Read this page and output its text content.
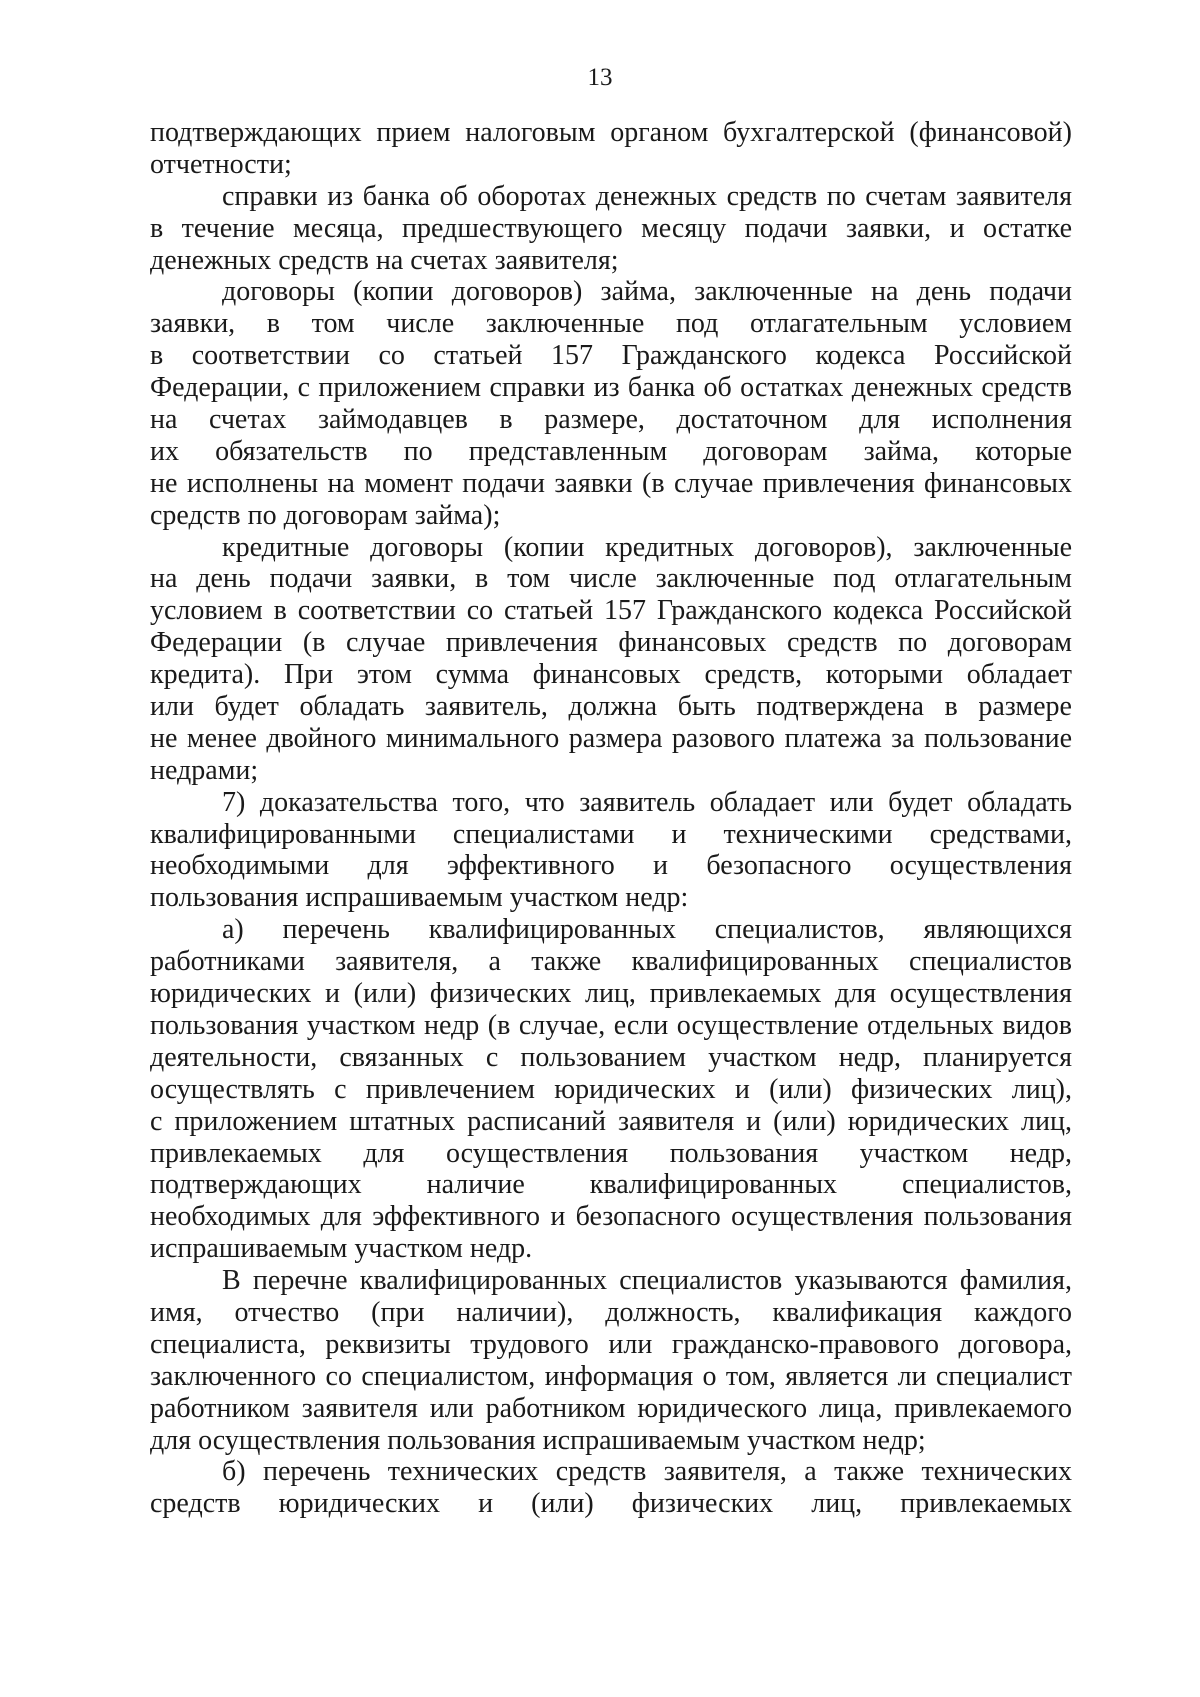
13
подтверждающих прием налоговым органом бухгалтерской (финансовой)
отчетности;
справки из банка об оборотах денежных средств по счетам заявителя
в течение месяца, предшествующего месяцу подачи заявки, и остатке
денежных средств на счетах заявителя;
договоры (копии договоров) займа, заключенные на день подачи
заявки, в том числе заключенные под отлагательным условием
в соответствии со статьей 157 Гражданского кодекса Российской
Федерации, с приложением справки из банка об остатках денежных средств
на счетах займодавцев в размере, достаточном для исполнения
их обязательств по представленным договорам займа, которые
не исполнены на момент подачи заявки (в случае привлечения финансовых
средств по договорам займа);
кредитные договоры (копии кредитных договоров), заключенные
на день подачи заявки, в том числе заключенные под отлагательным
условием в соответствии со статьей 157 Гражданского кодекса Российской
Федерации (в случае привлечения финансовых средств по договорам
кредита). При этом сумма финансовых средств, которыми обладает
или будет обладать заявитель, должна быть подтверждена в размере
не менее двойного минимального размера разового платежа за пользование
недрами;
7) доказательства того, что заявитель обладает или будет обладать
квалифицированными специалистами и техническими средствами,
необходимыми для эффективного и безопасного осуществления
пользования испрашиваемым участком недр:
а) перечень квалифицированных специалистов, являющихся
работниками заявителя, а также квалифицированных специалистов
юридических и (или) физических лиц, привлекаемых для осуществления
пользования участком недр (в случае, если осуществление отдельных видов
деятельности, связанных с пользованием участком недр, планируется
осуществлять с привлечением юридических и (или) физических лиц),
с приложением штатных расписаний заявителя и (или) юридических лиц,
привлекаемых для осуществления пользования участком недр,
подтверждающих наличие квалифицированных специалистов,
необходимых для эффективного и безопасного осуществления пользования
испрашиваемым участком недр.
В перечне квалифицированных специалистов указываются фамилия,
имя, отчество (при наличии), должность, квалификация каждого
специалиста, реквизиты трудового или гражданско-правового договора,
заключенного со специалистом, информация о том, является ли специалист
работником заявителя или работником юридического лица, привлекаемого
для осуществления пользования испрашиваемым участком недр;
б) перечень технических средств заявителя, а также технических
средств юридических и (или) физических лиц, привлекаемых
